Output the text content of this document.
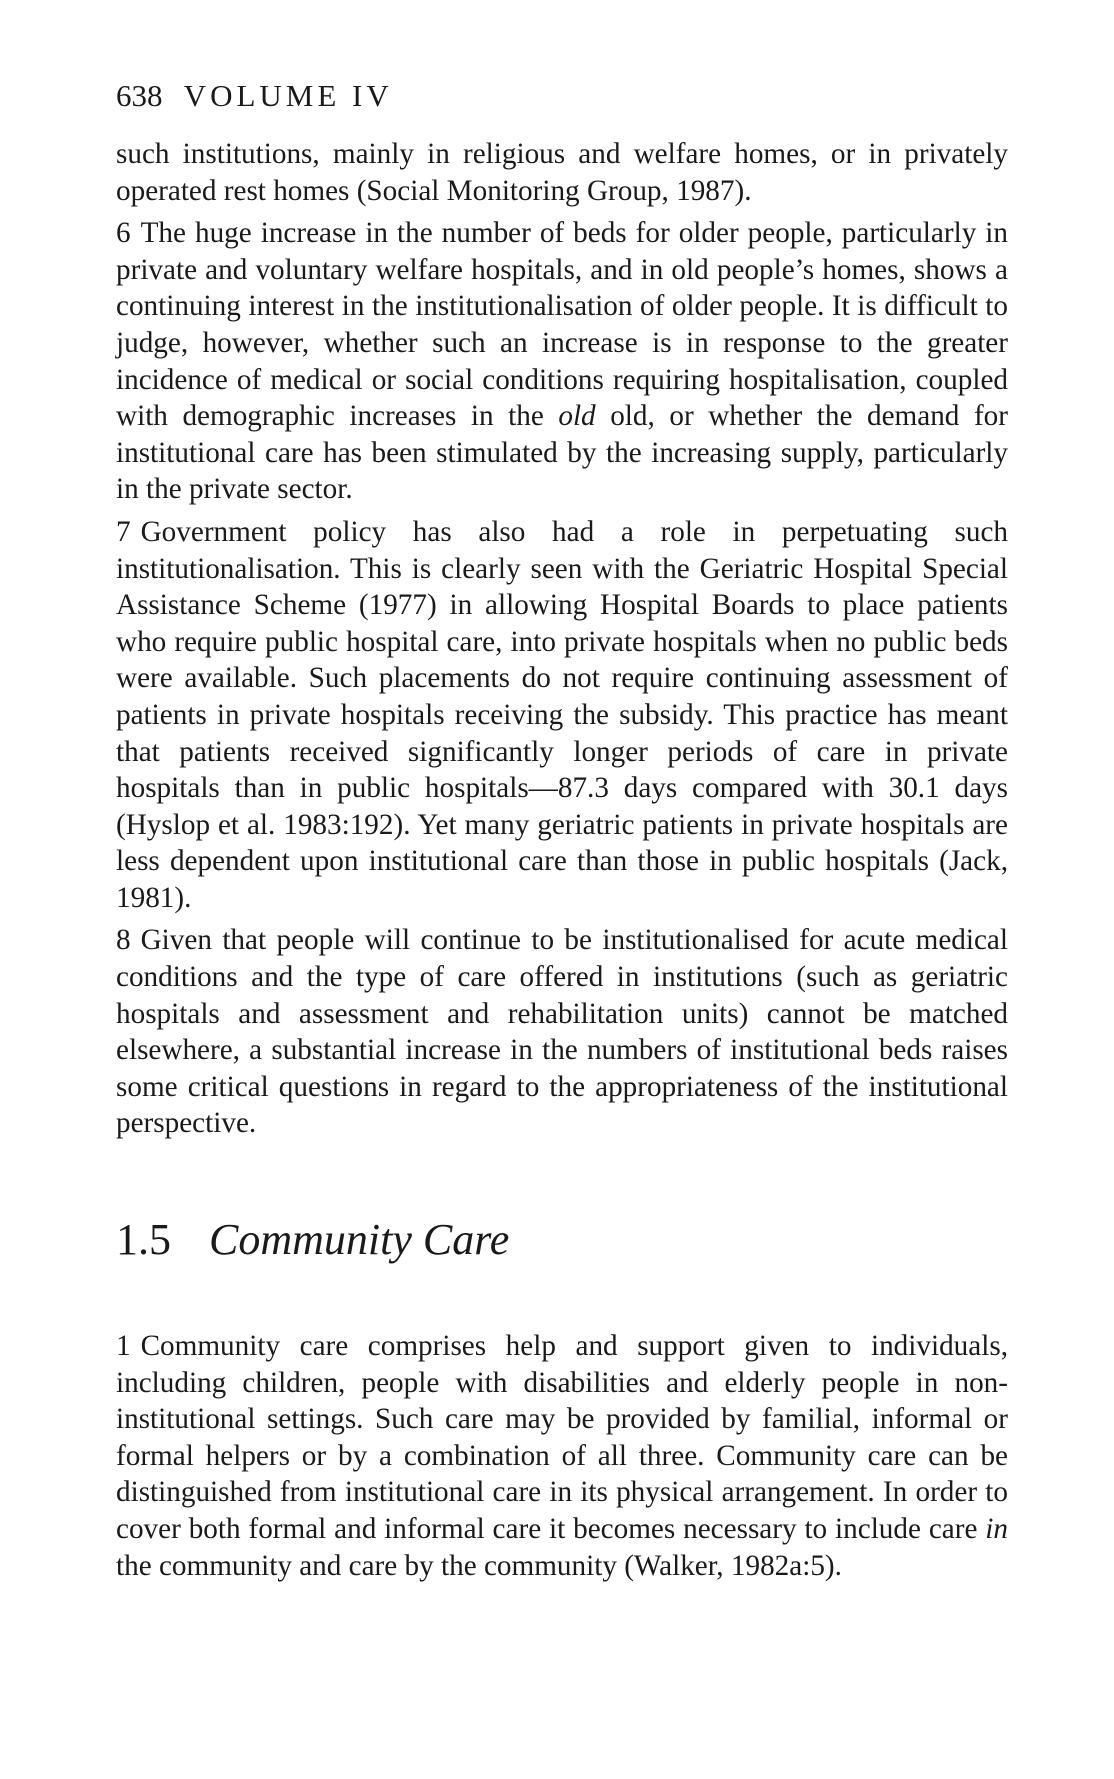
638 VOLUME IV

such institutions, mainly in religious and welfare homes, or in privately operated rest homes (Social Monitoring Group, 1987).

6 The huge increase in the number of beds for older people, particularly in private and voluntary welfare hospitals, and in old people’s homes, shows a continuing interest in the institutionalisation of older people. It is difficult to judge, however, whether such an increase is in response to the greater incidence of medical or social conditions requiring hospitalisation, coupled with demographic increases in the old old, or whether the demand for institutional care has been stimulated by the increasing supply, particularly in the private sector.

7 Government policy has also had a role in perpetuating such institutionalisation. This is clearly seen with the Geriatric Hospital Special Assistance Scheme (1977) in allowing Hospital Boards to place patients who require public hospital care, into private hospitals when no public beds were available. Such placements do not require continuing assessment of patients in private hospitals receiving the subsidy. This practice has meant that patients received significantly longer periods of care in private hospitals than in public hospitals—87.3 days compared with 30.1 days (Hyslop et al. 1983:192). Yet many geriatric patients in private hospitals are less dependent upon institutional care than those in public hospitals (Jack, 1981).

8 Given that people will continue to be institutionalised for acute medical conditions and the type of care offered in institutions (such as geriatric hospitals and assessment and rehabilitation units) cannot be matched elsewhere, a substantial increase in the numbers of institutional beds raises some critical questions in regard to the appropriateness of the institutional perspective.

1.5 Community Care

1 Community care comprises help and support given to individuals, including children, people with disabilities and elderly people in non-institutional settings. Such care may be provided by familial, informal or formal helpers or by a combination of all three. Community care can be distinguished from institutional care in its physical arrangement. In order to cover both formal and informal care it becomes necessary to include care in the community and care by the community (Walker, 1982a:5).
